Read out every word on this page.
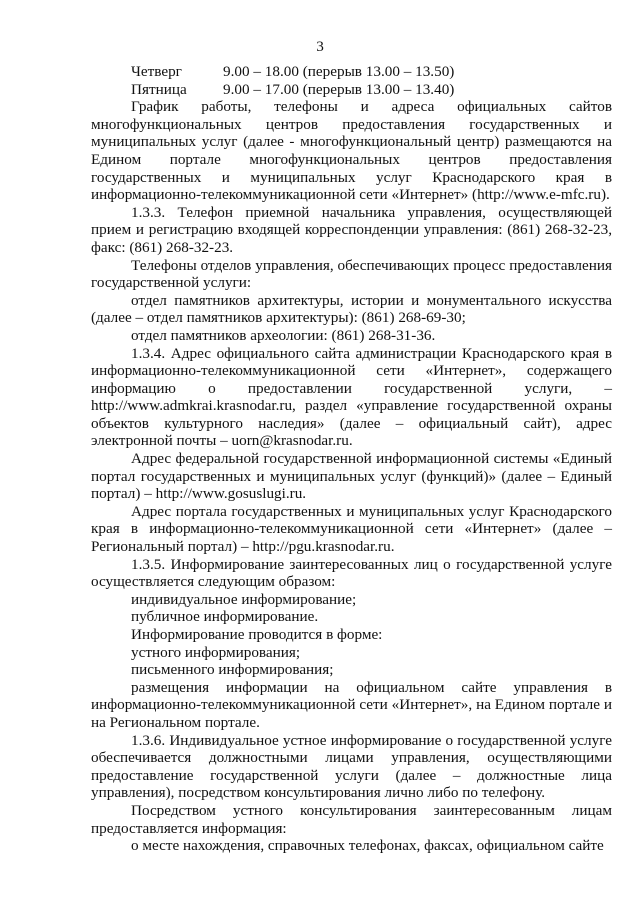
3
Четверг	9.00 – 18.00 (перерыв 13.00 – 13.50)
Пятница	9.00 – 17.00 (перерыв 13.00 – 13.40)

График работы, телефоны и адреса официальных сайтов многофункциональных центров предоставления государственных и муниципальных услуг (далее - многофункциональный центр) размещаются на Едином портале многофункциональных центров предоставления государственных и муниципальных услуг Краснодарского края в информационно-телекоммуникационной сети «Интернет» (http://www.e-mfc.ru).

1.3.3. Телефон приемной начальника управления, осуществляющей прием и регистрацию входящей корреспонденции управления: (861) 268-32-23, факс: (861) 268-32-23.

Телефоны отделов управления, обеспечивающих процесс предоставления государственной услуги:

отдел памятников архитектуры, истории и монументального искусства (далее – отдел памятников архитектуры): (861) 268-69-30;

отдел памятников археологии: (861) 268-31-36.

1.3.4. Адрес официального сайта администрации Краснодарского края в информационно-телекоммуникационной сети «Интернет», содержащего информацию о предоставлении государственной услуги, – http://www.admkrai.krasnodar.ru, раздел «управление государственной охраны объектов культурного наследия» (далее – официальный сайт), адрес электронной почты – uorn@krasnodar.ru.

Адрес федеральной государственной информационной системы «Единый портал государственных и муниципальных услуг (функций)» (далее – Единый портал) – http://www.gosuslugi.ru.

Адрес портала государственных и муниципальных услуг Краснодарского края в информационно-телекоммуникационной сети «Интернет» (далее – Региональный портал) – http://pgu.krasnodar.ru.

1.3.5. Информирование заинтересованных лиц о государственной услуге осуществляется следующим образом:

индивидуальное информирование;
публичное информирование.
Информирование проводится в форме:
устного информирования;
письменного информирования;

размещения информации на официальном сайте управления в информационно-телекоммуникационной сети «Интернет», на Едином портале и на Региональном портале.

1.3.6. Индивидуальное устное информирование о государственной услуге обеспечивается должностными лицами управления, осуществляющими предоставление государственной услуги (далее – должностные лица управления), посредством консультирования лично либо по телефону.

Посредством устного консультирования заинтересованным лицам предоставляется информация:

о месте нахождения, справочных телефонах, факсах, официальном сайте
